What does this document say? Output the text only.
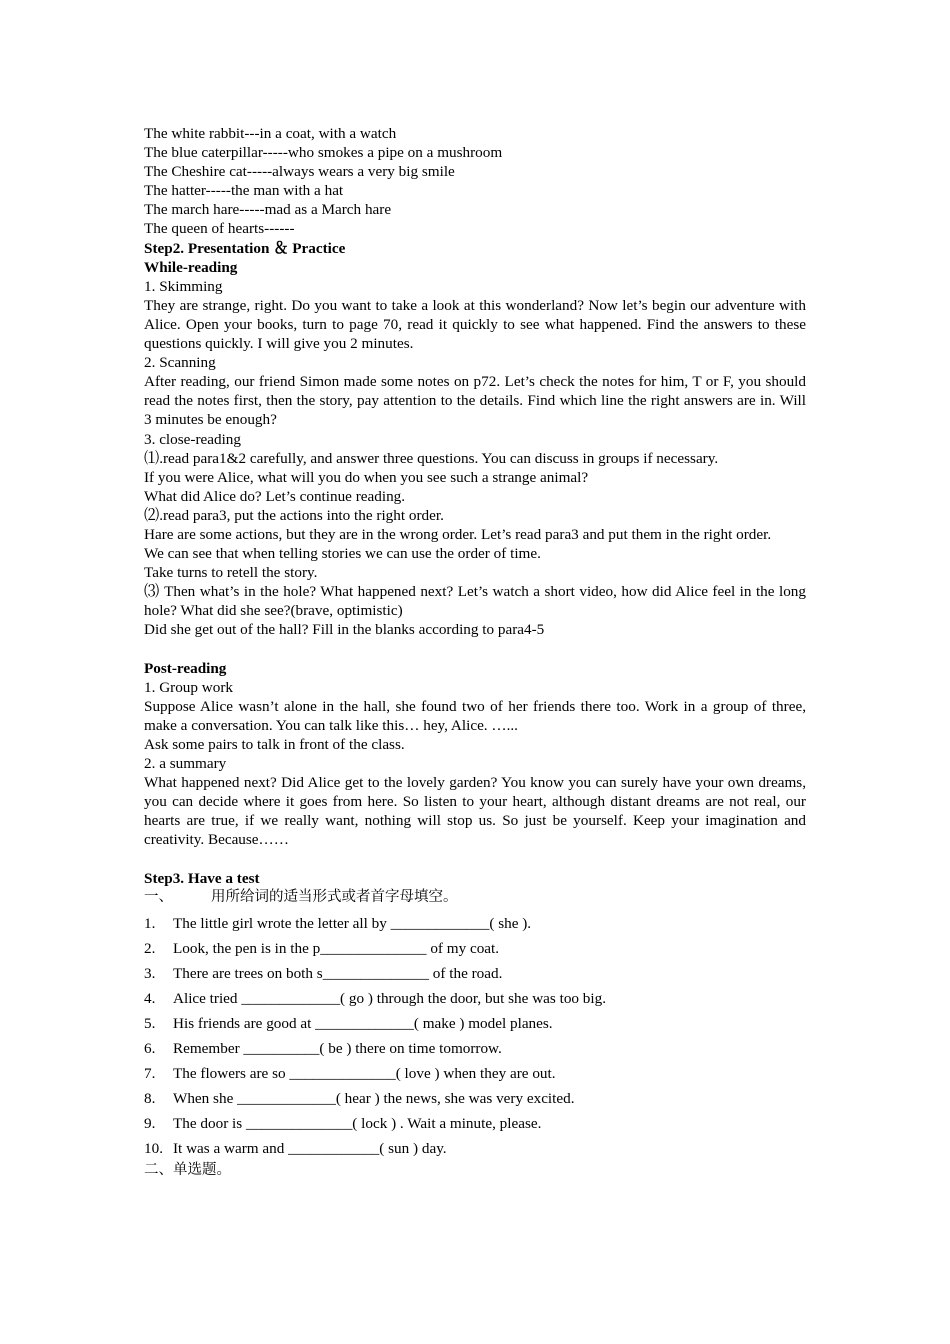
The white rabbit---in a coat, with a watch
The blue caterpillar-----who smokes a pipe on a mushroom
The Cheshire cat-----always wears a very big smile
The hatter-----the man with a hat
The march hare-----mad as a March hare
The queen of hearts------
Step2. Presentation ＆ Practice
While-reading
1. Skimming
They are strange, right. Do you want to take a look at this wonderland? Now let’s begin our adventure with Alice. Open your books, turn to page 70, read it quickly to see what happened. Find the answers to these questions quickly. I will give you 2 minutes.
2. Scanning
After reading, our friend Simon made some notes on p72. Let’s check the notes for him, T or F, you should read the notes first, then the story, pay attention to the details. Find which line the right answers are in. Will 3 minutes be enough?
3. close-reading
⑴.read para1&2 carefully, and answer three questions. You can discuss in groups if necessary.
If you were Alice, what will you do when you see such a strange animal?
What did Alice do? Let’s continue reading.
⑵.read para3, put the actions into the right order.
Hare are some actions, but they are in the wrong order. Let’s read para3 and put them in the right order.
We can see that when telling stories we can use the order of time.
Take turns to retell the story.
⑶ Then what’s in the hole? What happened next? Let’s watch a short video, how did Alice feel in the long hole? What did she see?(brave, optimistic)
Did she get out of the hall? Fill in the blanks according to para4-5
Post-reading
1. Group work
Suppose Alice wasn’t alone in the hall, she found two of her friends there too. Work in a group of three, make a conversation. You can talk like this… hey, Alice. …...
Ask some pairs to talk in front of the class.
2. a summary
What happened next? Did Alice get to the lovely garden? You know you can surely have your own dreams, you can decide where it goes from here. So listen to your heart, although distant dreams are not real, our hearts are true, if we really want, nothing will stop us. So just be yourself. Keep your imagination and creativity. Because……
Step3. Have a test
一、	用所给词的适当形式或者首字母填空。
1.	The little girl wrote the letter all by _____________( she ).
2.	Look, the pen is in the p______________ of my coat.
3.	There are trees on both s______________ of the road.
4.	Alice tried _____________( go ) through the door, but she was too big.
5.	His friends are good at _____________( make ) model planes.
6.	Remember __________( be ) there on time tomorrow.
7.	The flowers are so ______________( love ) when they are out.
8.	When she _____________( hear ) the news, she was very excited.
9.	The door is ______________( lock ) . Wait a minute, please.
10. It was a warm and ____________( sun ) day.
二、单选题。
